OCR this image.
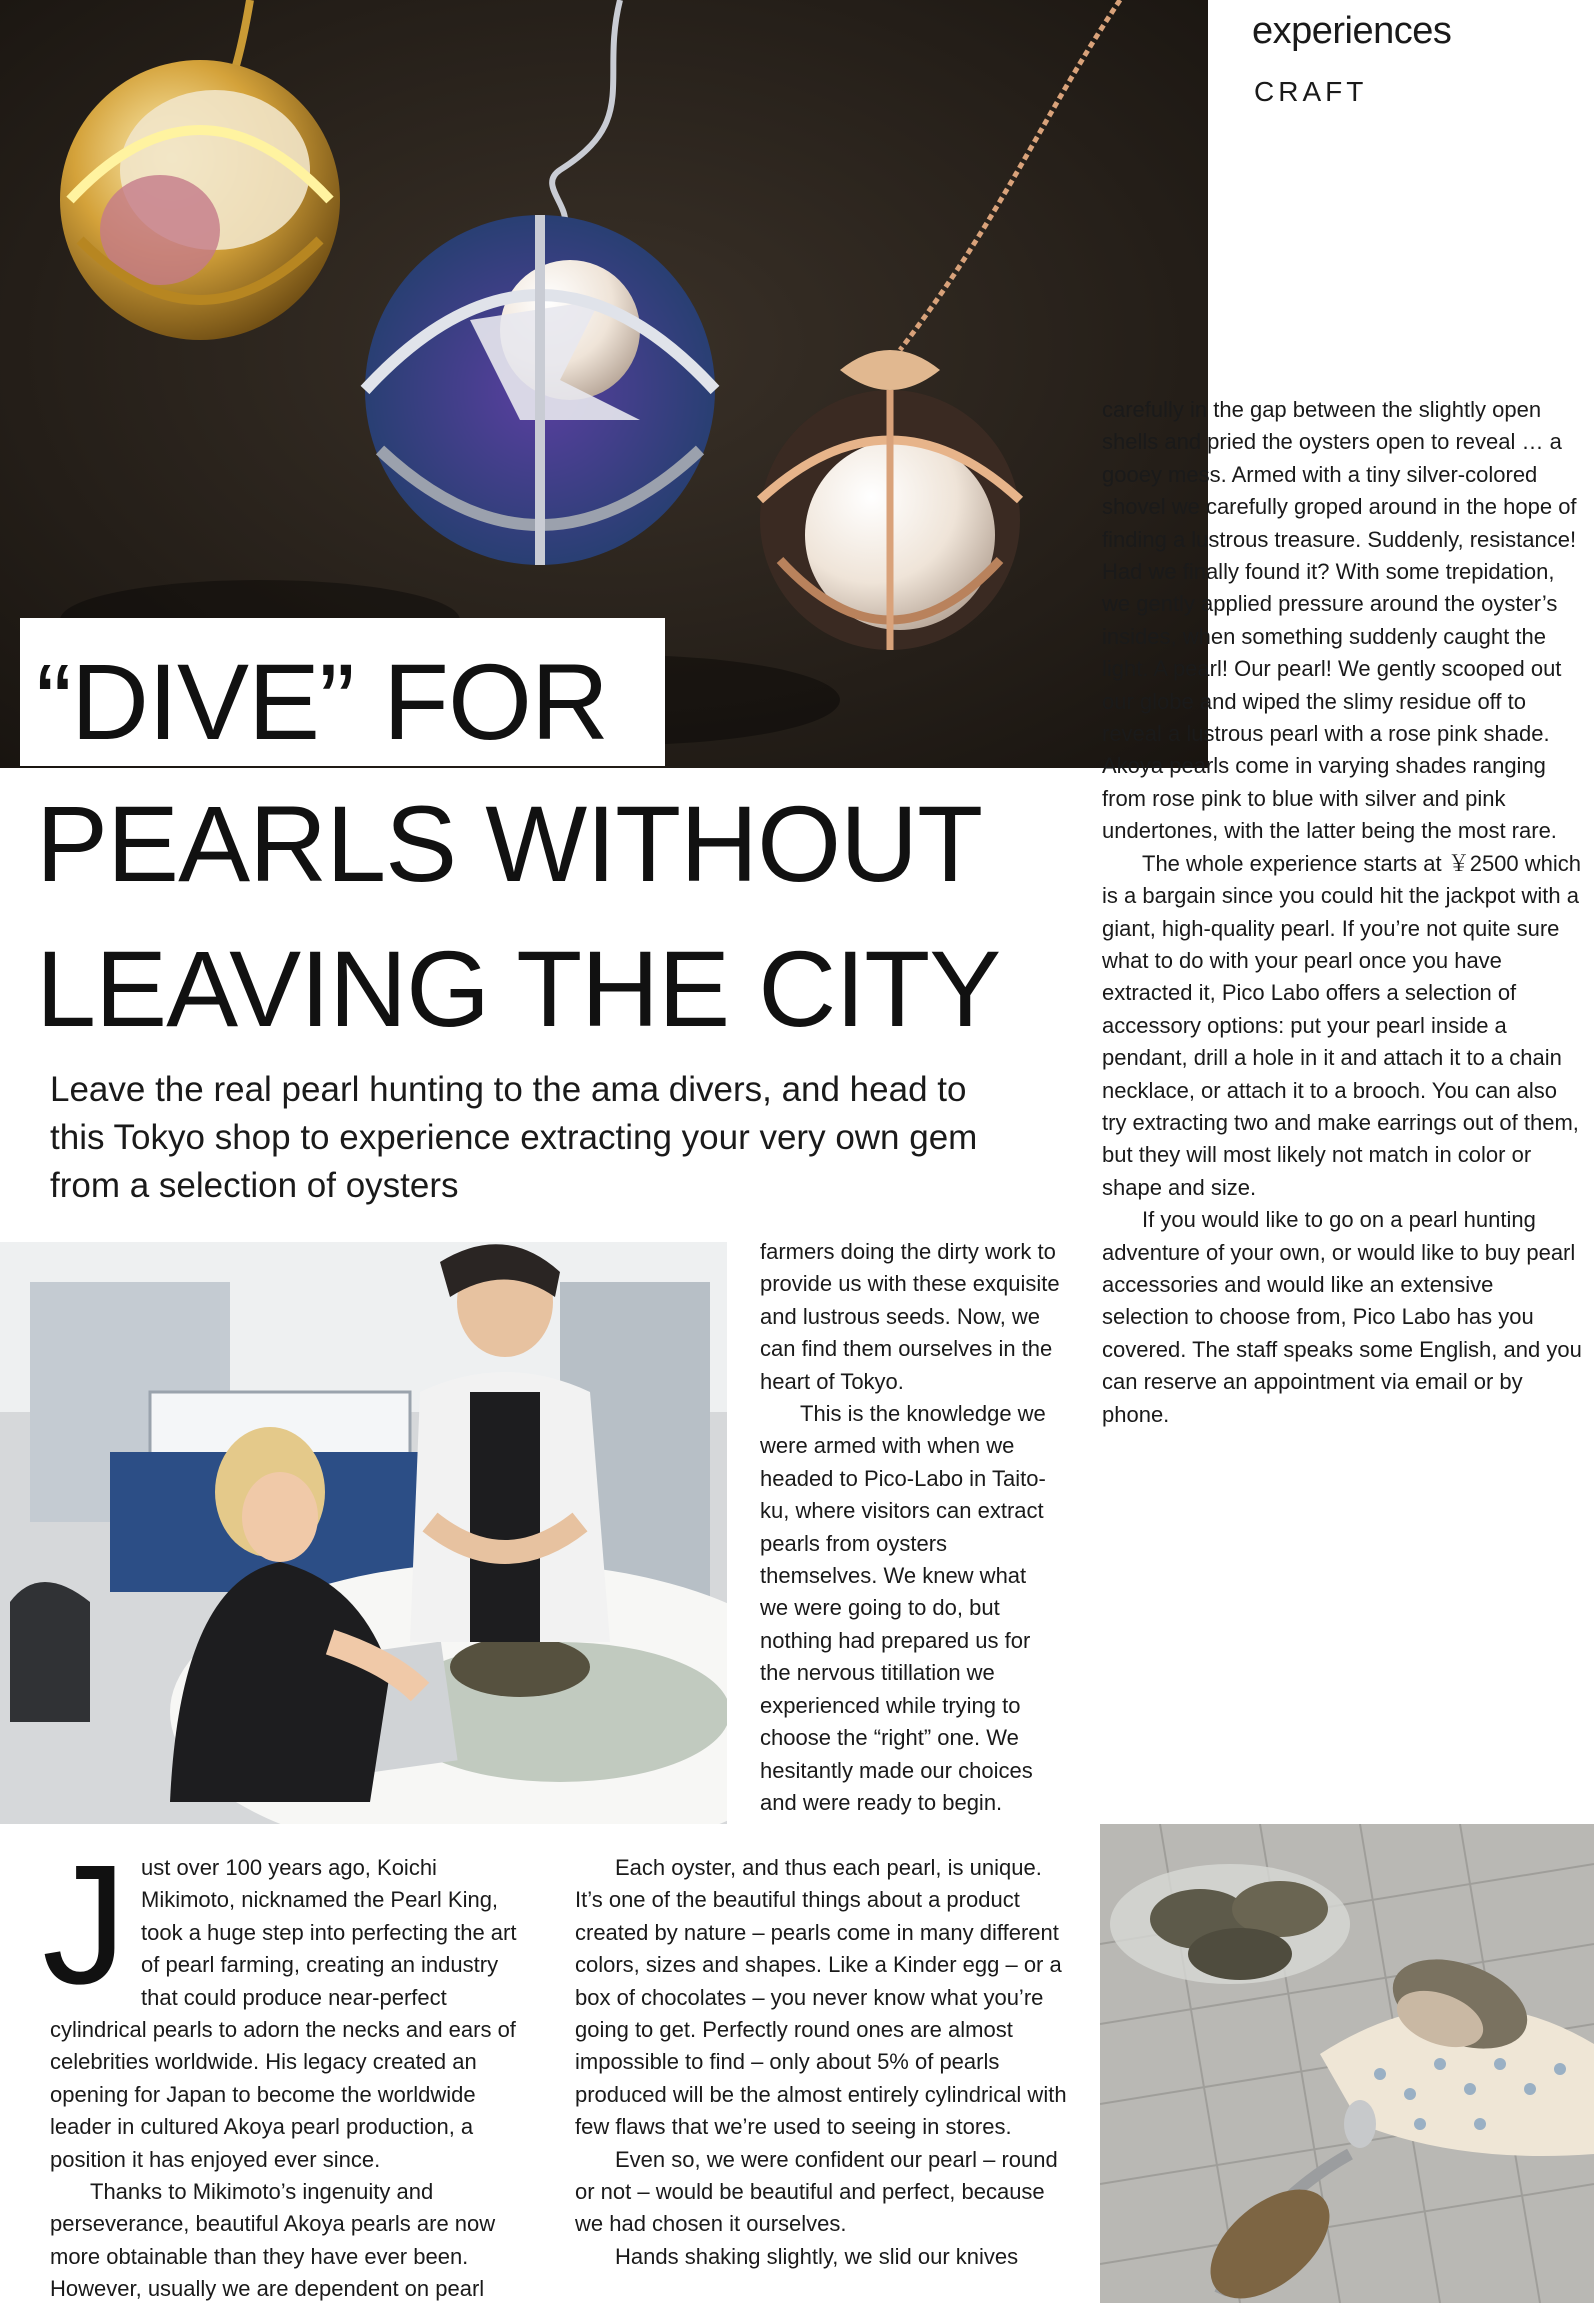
experiences
CRAFT
“DIVE” FOR
PEARLS WITHOUT
LEAVING THE CITY
Leave the real pearl hunting to the ama divers, and head to this Tokyo shop to experience extracting your very own gem from a selection of oysters

farmers doing the dirty work to provide us with these exquisite and lustrous seeds. Now, we can find them ourselves in the heart of Tokyo.

This is the knowledge we were armed with when we headed to Pico-Labo in Taito-ku, where visitors can extract pearls from oysters themselves. We knew what we were going to do, but nothing had prepared us for the nervous titillation we experienced while trying to choose the “right” one. We hesitantly made our choices and were ready to begin.

Just over 100 years ago, Koichi Mikimoto, nicknamed the Pearl King, took a huge step into perfecting the art of pearl farming, creating an industry that could produce near-perfect cylindrical pearls to adorn the necks and ears of celebrities worldwide. His legacy created an opening for Japan to become the worldwide leader in cultured Akoya pearl production, a position it has enjoyed ever since.

Thanks to Mikimoto’s ingenuity and perseverance, beautiful Akoya pearls are now more obtainable than they have ever been. However, usually we are dependent on pearl

Each oyster, and thus each pearl, is unique. It’s one of the beautiful things about a product created by nature – pearls come in many different colors, sizes and shapes. Like a Kinder egg – or a box of chocolates – you never know what you’re going to get. Perfectly round ones are almost impossible to find – only about 5% of pearls produced will be the almost entirely cylindrical with few flaws that we’re used to seeing in stores.

Even so, we were confident our pearl – round or not – would be beautiful and perfect, because we had chosen it ourselves.

Hands shaking slightly, we slid our knives

carefully in the gap between the slightly open shells and pried the oysters open to reveal … a gooey mess. Armed with a tiny silver-colored shovel we carefully groped around in the hope of finding a lustrous treasure. Suddenly, resistance! Had we finally found it? With some trepidation, we gently applied pressure around the oyster’s insides, when something suddenly caught the light. A pearl! Our pearl! We gently scooped out our globe and wiped the slimy residue off to reveal a lustrous pearl with a rose pink shade. Akoya pearls come in varying shades ranging from rose pink to blue with silver and pink undertones, with the latter being the most rare.

The whole experience starts at ￥2500 which is a bargain since you could hit the jackpot with a giant, high-quality pearl. If you’re not quite sure what to do with your pearl once you have extracted it, Pico Labo offers a selection of accessory options: put your pearl inside a pendant, drill a hole in it and attach it to a chain necklace, or attach it to a brooch. You can also try extracting two and make earrings out of them, but they will most likely not match in color or shape and size.

If you would like to go on a pearl hunting adventure of your own, or would like to buy pearl accessories and would like an extensive selection to choose from, Pico Labo has you covered. The staff speaks some English, and you can reserve an appointment via email or by phone.
